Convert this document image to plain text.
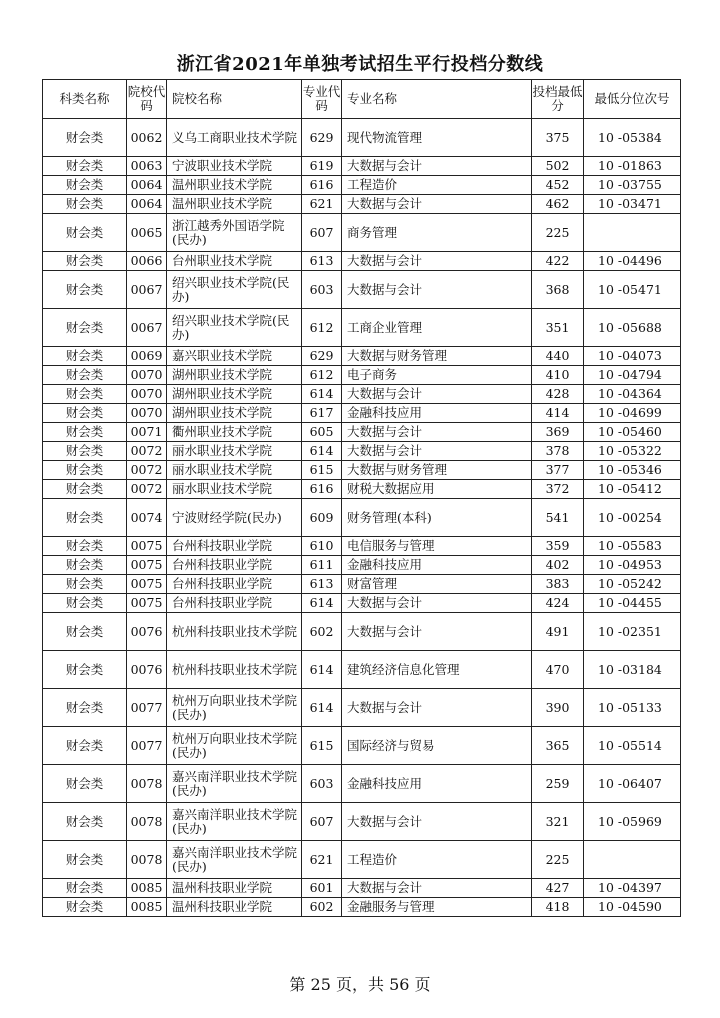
浙江省2021年单独考试招生平行投档分数线
科类名称	院校代码	院校名称	专业代码	专业名称	投档最低分	最低分位次号
财会类	0062	义乌工商职业技术学院	629	现代物流管理	375	10 -05384
财会类	0063	宁波职业技术学院	619	大数据与会计	502	10 -01863
财会类	0064	温州职业技术学院	616	工程造价	452	10 -03755
财会类	0064	温州职业技术学院	621	大数据与会计	462	10 -03471
财会类	0065	浙江越秀外国语学院(民办)	607	商务管理	225	
财会类	0066	台州职业技术学院	613	大数据与会计	422	10 -04496
财会类	0067	绍兴职业技术学院(民办)	603	大数据与会计	368	10 -05471
财会类	0067	绍兴职业技术学院(民办)	612	工商企业管理	351	10 -05688
财会类	0069	嘉兴职业技术学院	629	大数据与财务管理	440	10 -04073
财会类	0070	湖州职业技术学院	612	电子商务	410	10 -04794
财会类	0070	湖州职业技术学院	614	大数据与会计	428	10 -04364
财会类	0070	湖州职业技术学院	617	金融科技应用	414	10 -04699
财会类	0071	衢州职业技术学院	605	大数据与会计	369	10 -05460
财会类	0072	丽水职业技术学院	614	大数据与会计	378	10 -05322
财会类	0072	丽水职业技术学院	615	大数据与财务管理	377	10 -05346
财会类	0072	丽水职业技术学院	616	财税大数据应用	372	10 -05412
财会类	0074	宁波财经学院(民办)	609	财务管理(本科)	541	10 -00254
财会类	0075	台州科技职业学院	610	电信服务与管理	359	10 -05583
财会类	0075	台州科技职业学院	611	金融科技应用	402	10 -04953
财会类	0075	台州科技职业学院	613	财富管理	383	10 -05242
财会类	0075	台州科技职业学院	614	大数据与会计	424	10 -04455
财会类	0076	杭州科技职业技术学院	602	大数据与会计	491	10 -02351
财会类	0076	杭州科技职业技术学院	614	建筑经济信息化管理	470	10 -03184
财会类	0077	杭州万向职业技术学院(民办)	614	大数据与会计	390	10 -05133
财会类	0077	杭州万向职业技术学院(民办)	615	国际经济与贸易	365	10 -05514
财会类	0078	嘉兴南洋职业技术学院(民办)	603	金融科技应用	259	10 -06407
财会类	0078	嘉兴南洋职业技术学院(民办)	607	大数据与会计	321	10 -05969
财会类	0078	嘉兴南洋职业技术学院(民办)	621	工程造价	225	
财会类	0085	温州科技职业学院	601	大数据与会计	427	10 -04397
财会类	0085	温州科技职业学院	602	金融服务与管理	418	10 -04590
第 25 页，共 56 页
